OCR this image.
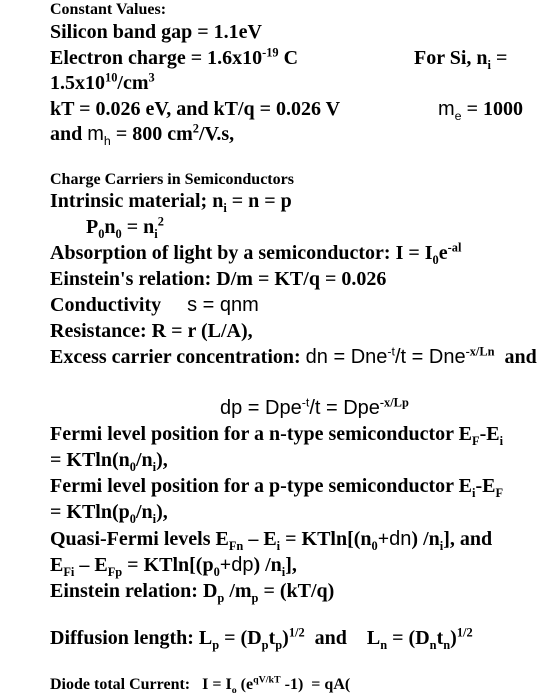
Constant Values:
Silicon band gap = 1.1eV
Electron charge = $1.6x10^{-19}$ C	For Si, $n_i$ =
$1.5x10^{10}/cm^3$
kT = 0.026 eV, and kT/q = 0.026 V	$m_e = 1000$
and $m_h = 800$ $cm^2/V.s$,
Charge Carriers in Semiconductors
Intrinsic material; $n_i = n = p$
$P_0n_0 = n_i^2$
Absorption of light by a semiconductor: $I = I_0e^{-al}$
Einstein's relation: D/m = KT/q = 0.026
Conductivity s = qnm
Resistance: R = r (L/A),
Excess carrier concentration: dn = Dne$^{-t}$/t = Dne$^{-x/Ln}$ and
dp = Dpe$^{-t}$/t = Dpe$^{-x/Lp}$
Fermi level position for a n-type semiconductor $E_F-E_i$
= $KTln(n_0/n_i)$,
Fermi level position for a p-type semiconductor $E_i-E_F$
= $KTln(p_0/n_i)$,
Quasi-Fermi levels $E_{Fn} - E_i = KTln[(n_0+dn)$ $/n_i$], and
$E_{Fi} - E_{Fp} = KTln[(p_0+dp)$ $/n_i$],
Einstein relation: $D_p$ $/m_p = (kT/q)$
Diffusion length: $L_p = (D_pt_p)^{1/2}$  and    $L_n = (D_nt_n)^{1/2}$
Diode total Current:   $I = I_o$ ($e^{qV/kT}$ -1)  = qA(
